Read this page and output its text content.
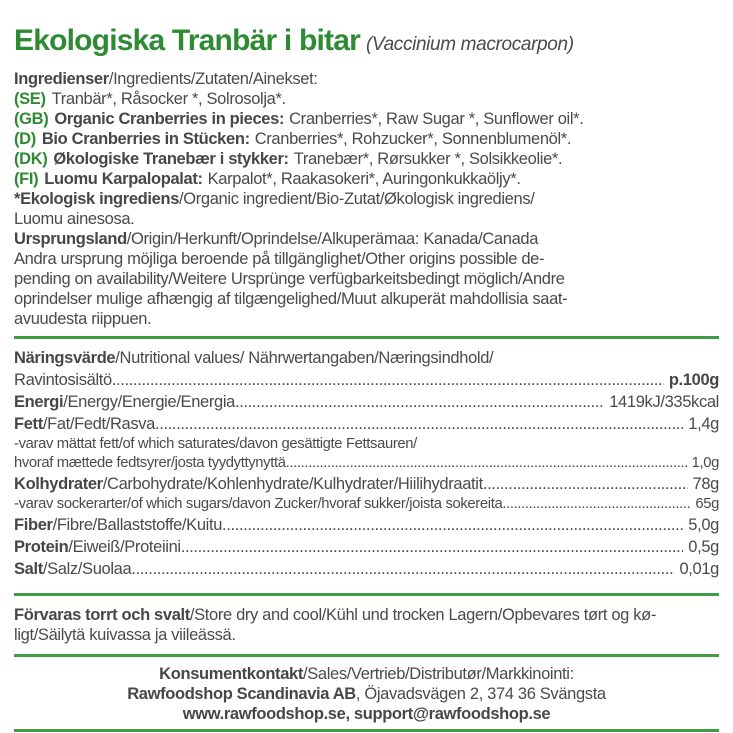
Ekologiska Tranbär i bitar (Vaccinium macrocarpon)

Ingredienser/Ingredients/Zutaten/Ainekset:

(SE) Tranbär*, Råsocker *, Solrosolja*.

(GB) Organic Cranberries in pieces: Cranberries*, Raw Sugar *, Sunflower oil*.

(D) Bio Cranberries in Stücken: Cranberries*, Rohzucker*, Sonnenblumenöl*.

(DK) Økologiske Tranebær i stykker: Tranebær*, Rørsukker *, Solsikkeolie*.

(FI) Luomu Karpalopalat: Karpalot*, Raakasokeri*, Auringonkukkaöljy*.

*Ekologisk ingrediens/Organic ingredient/Bio-Zutat/Økologisk ingrediens/

Luomu ainesosa.

Ursprungsland/Origin/Herkunft/Oprindelse/Alkuperämaa: Kanada/Canada

Andra ursprung möjliga beroende på tillgänglighet/Other origins possible de-

pending on availability/Weitere Ursprünge verfügbarkeitsbedingt möglich/Andre

oprindelser mulige afhængig af tilgængelighed/Muut alkuperät mahdollisia saat-

avuudesta riippuen.

Näringsvärde/Nutritional values/ Nährwertangaben/Næringsindhold/
Ravintosisältö .....	p.100g
Energi/Energy/Energie/Energia .....	1419kJ/335kcal
Fett/Fat/Fedt/Rasva .....	1,4g

-varav mättat fett/of which saturates/davon gesättigte Fettsauren/

hvoraf mættede fedtsyrer/josta tyydyttynyttä .....	1,0g
Kolhydrater/Carbohydrate/Kohlenhydrate/Kulhydrater/Hiilihydraatit .....	78g
-varav sockerarter/of which sugars/davon Zucker/hvoraf sukker/joista sokereita .....	65g
Fiber/Fibre/Ballaststoffe/Kuitu .....	5,0g
Protein/Eiweiß/Proteiini .....	0,5g
Salt/Salz/Suolaa .....	0,01g

Förvaras torrt och svalt/Store dry and cool/Kühl und trocken Lagern/Opbevares tørt og kø-

ligt/Säilytä kuivassa ja viileässä.

Konsumentkontakt/Sales/Vertrieb/Distributør/Markkinointi:

Rawfoodshop Scandinavia AB, Öjavadsvägen 2, 374 36 Svängsta

www.rawfoodshop.se, support@rawfoodshop.se
